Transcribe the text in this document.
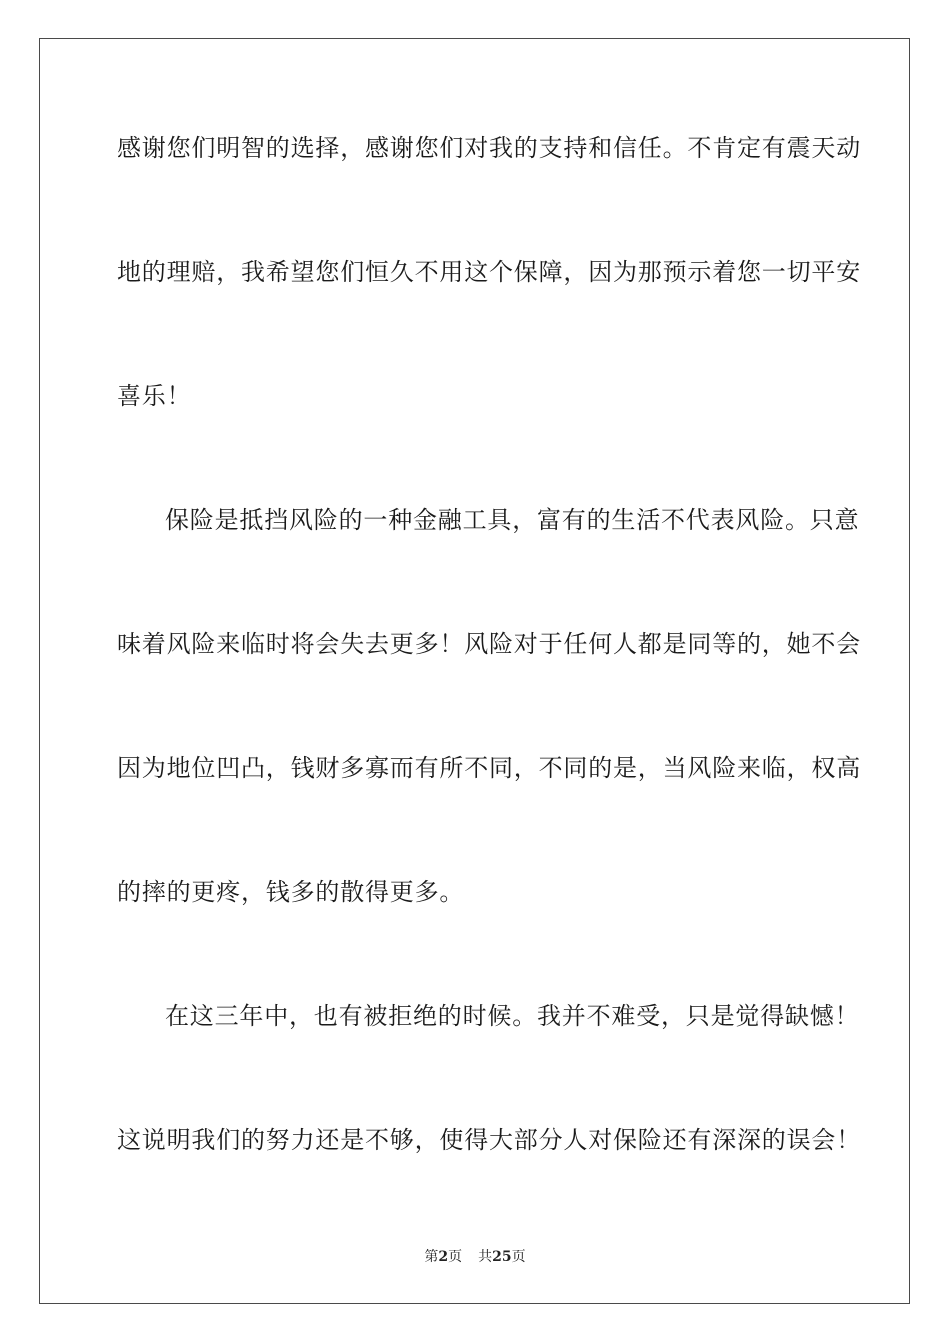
感谢您们明智的选择，感谢您们对我的支持和信任。不肯定有震天动
地的理赔，我希望您们恒久不用这个保障，因为那预示着您一切平安
喜乐！
保险是抵挡风险的一种金融工具，富有的生活不代表风险。只意
味着风险来临时将会失去更多！风险对于任何人都是同等的，她不会
因为地位凹凸，钱财多寡而有所不同，不同的是，当风险来临，权高
的摔的更疼，钱多的散得更多。
在这三年中，也有被拒绝的时候。我并不难受，只是觉得缺憾！
这说明我们的努力还是不够，使得大部分人对保险还有深深的误会！
第2页 共25页
